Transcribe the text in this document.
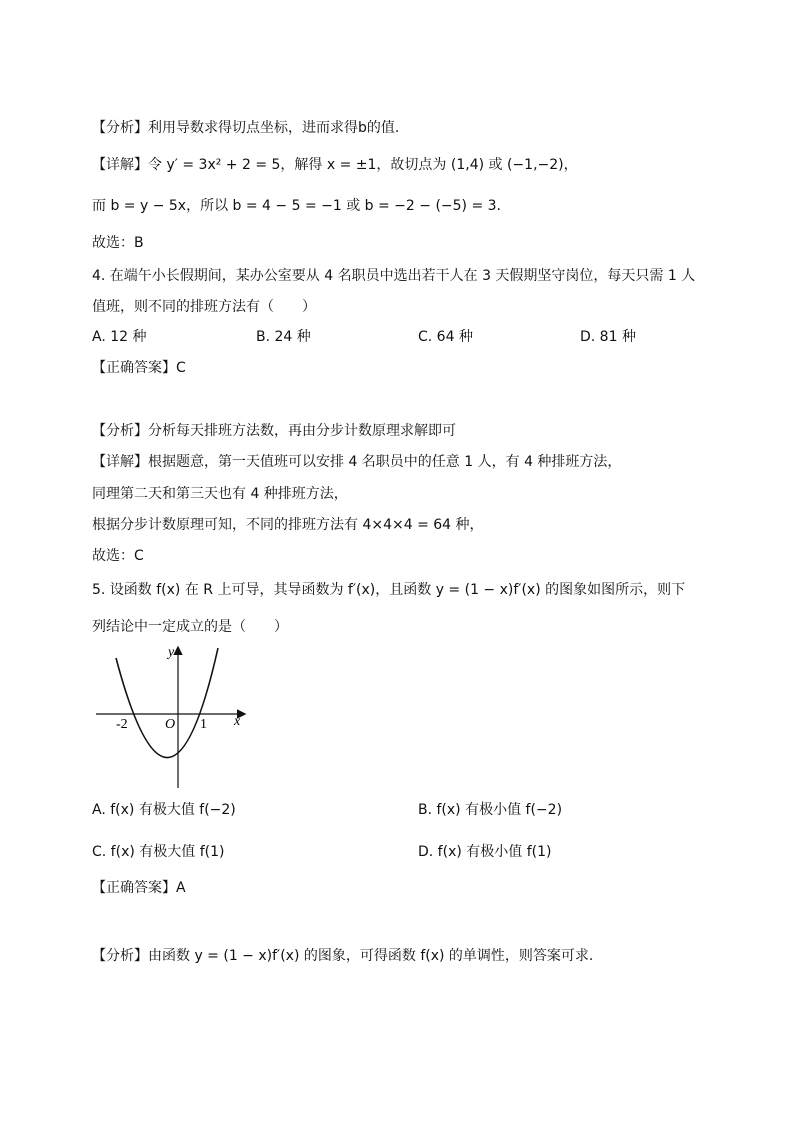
【分析】利用导数求得切点坐标，进而求得b的值.
【详解】令 y′ = 3x² + 2 = 5，解得 x = ±1，故切点为 (1,4) 或 (−1,−2)，
而 b = y − 5x，所以 b = 4 − 5 = −1 或 b = −2 − (−5) = 3.
故选：B
4. 在端午小长假期间，某办公室要从 4 名职员中选出若干人在 3 天假期坚守岗位，每天只需 1 人
值班，则不同的排班方法有（　　）
A. 12 种	B. 24 种	C. 64 种	D. 81 种
【正确答案】C
【分析】分析每天排班方法数，再由分步计数原理求解即可
【详解】根据题意，第一天值班可以安排 4 名职员中的任意 1 人，有 4 种排班方法，
同理第二天和第三天也有 4 种排班方法，
根据分步计数原理可知，不同的排班方法有 4×4×4 = 64 种，
故选：C
5. 设函数 f(x) 在 R 上可导，其导函数为 f′(x)，且函数 y = (1 − x)f′(x) 的图象如图所示，则下
列结论中一定成立的是（　　）
y
x
O
-2	1
A. f(x) 有极大值 f(−2)	B. f(x) 有极小值 f(−2)
C. f(x) 有极大值 f(1)	D. f(x) 有极小值 f(1)
【正确答案】A
【分析】由函数 y = (1 − x)f′(x) 的图象，可得函数 f(x) 的单调性，则答案可求.
